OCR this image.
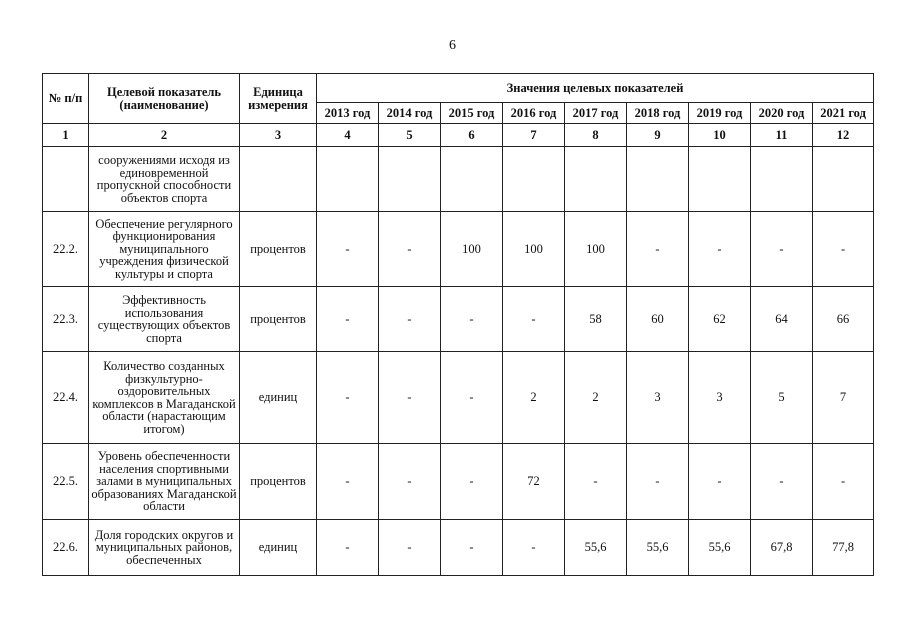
6
№ п/п	Целевой показатель (наименование)	Единица измерения	Значения целевых показателей								
			2013 год	2014 год	2015 год	2016 год	2017 год	2018 год	2019 год	2020 год	2021 год
1	2	3	4	5	6	7	8	9	10	11	12
	сооружениями исходя из единовременной пропускной способности объектов спорта										
22.2.	Обеспечение регулярного функционирования муниципального учреждения физической культуры и спорта	процентов	-	-	100	100	100	-	-	-	-
22.3.	Эффективность использования существующих объектов спорта	процентов	-	-	-	-	58	60	62	64	66
22.4.	Количество созданных физкультурно-оздоровительных комплексов в Магаданской области (нарастающим итогом)	единиц	-	-	-	2	2	3	3	5	7
22.5.	Уровень обеспеченности населения спортивными залами в муниципальных образованиях Магаданской области	процентов	-	-	-	72	-	-	-	-	-
22.6.	Доля городских округов и муниципальных районов, обеспеченных	единиц	-	-	-	-	55,6	55,6	55,6	67,8	77,8
